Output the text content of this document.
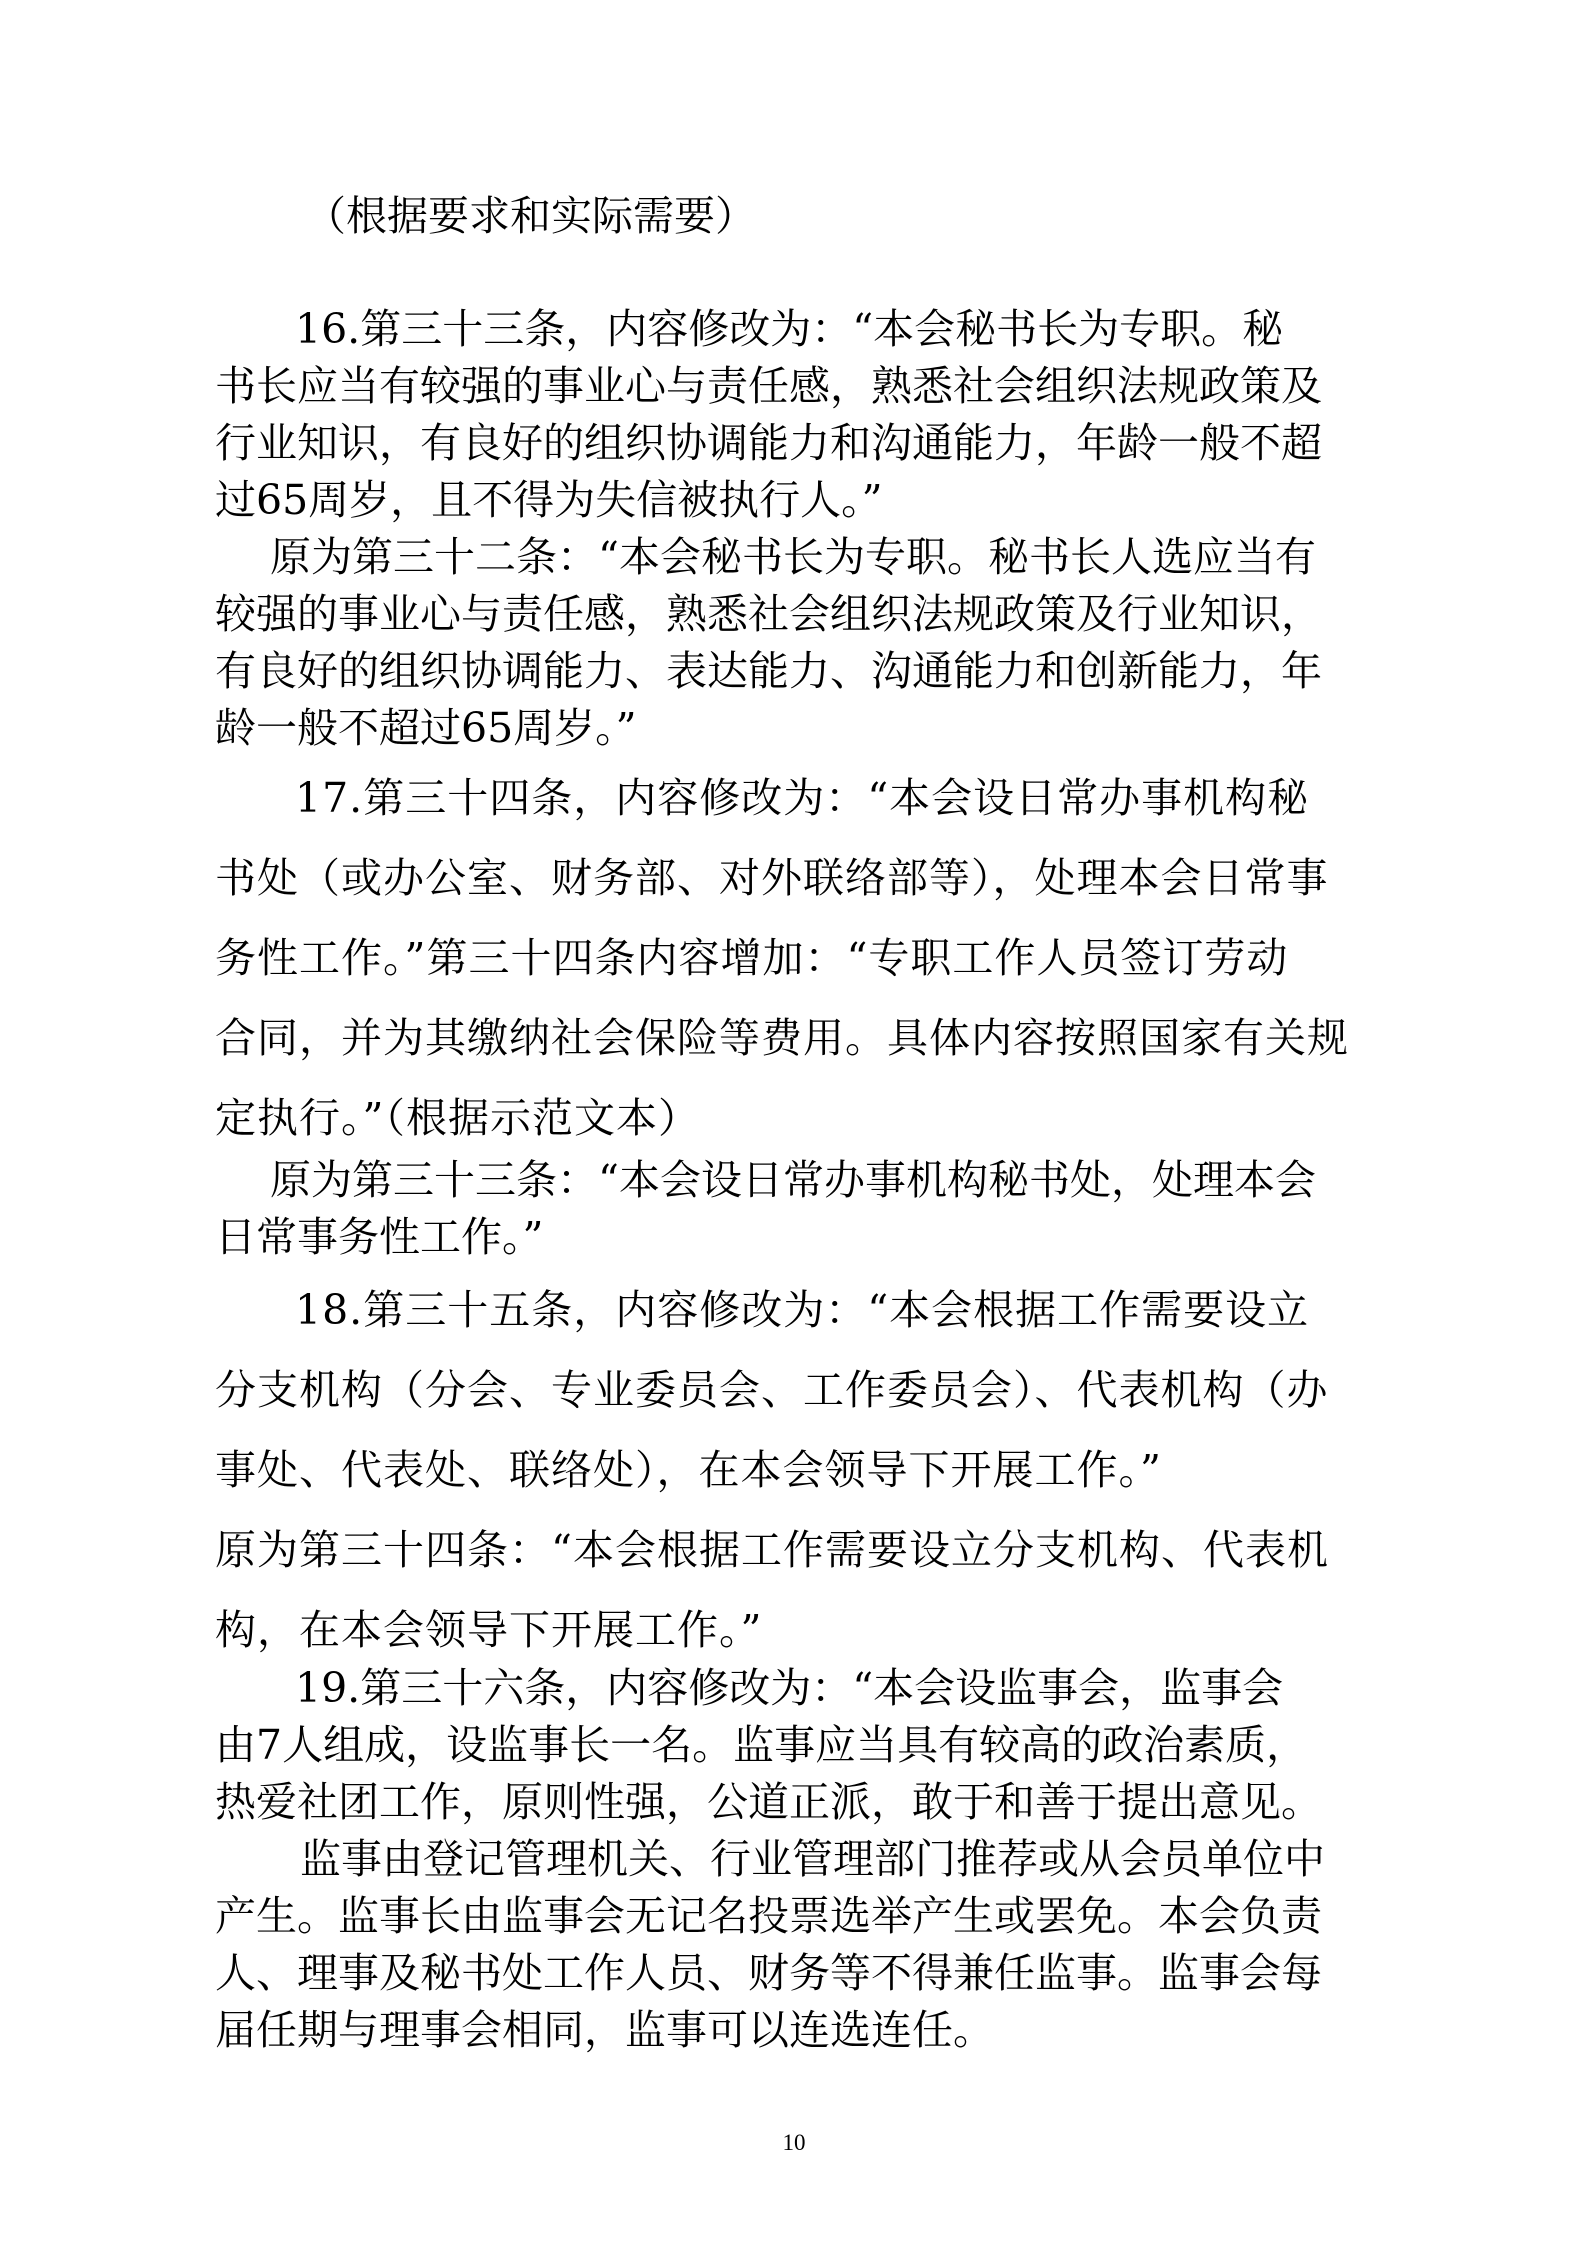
（根据要求和实际需要）
16.第三十三条，内容修改为：“本会秘书长为专职。秘
书长应当有较强的事业心与责任感，熟悉社会组织法规政策及
行业知识，有良好的组织协调能力和沟通能力，年龄一般不超
过65周岁，且不得为失信被执行人。”
原为第三十二条：“本会秘书长为专职。秘书长人选应当有
较强的事业心与责任感，熟悉社会组织法规政策及行业知识，
有良好的组织协调能力、表达能力、沟通能力和创新能力，年
龄一般不超过65周岁。”
17.第三十四条，内容修改为：“本会设日常办事机构秘
书处（或办公室、财务部、对外联络部等），处理本会日常事
务性工作。”第三十四条内容增加：“专职工作人员签订劳动
合同，并为其缴纳社会保险等费用。具体内容按照国家有关规
定执行。”（根据示范文本）
原为第三十三条：“本会设日常办事机构秘书处，处理本会
日常事务性工作。”
18.第三十五条，内容修改为：“本会根据工作需要设立
分支机构（分会、专业委员会、工作委员会）、代表机构（办
事处、代表处、联络处），在本会领导下开展工作。”
原为第三十四条：“本会根据工作需要设立分支机构、代表机
构，在本会领导下开展工作。”
19.第三十六条，内容修改为：“本会设监事会，监事会
由7人组成，设监事长一名。监事应当具有较高的政治素质，
热爱社团工作，原则性强，公道正派，敢于和善于提出意见。
监事由登记管理机关、行业管理部门推荐或从会员单位中
产生。监事长由监事会无记名投票选举产生或罢免。本会负责
人、理事及秘书处工作人员、财务等不得兼任监事。监事会每
届任期与理事会相同，监事可以连选连任。
10
